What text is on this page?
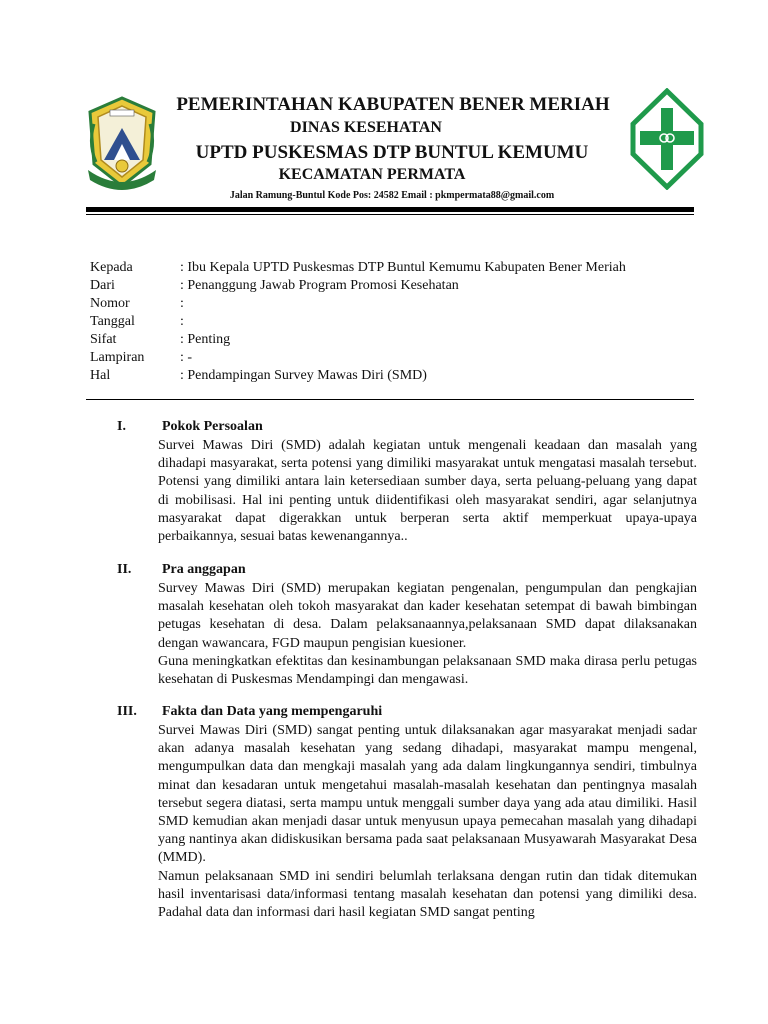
PEMERINTAHAN KABUPATEN BENER MERIAH
DINAS KESEHATAN
UPTD PUSKESMAS DTP BUNTUL KEMUMU
KECAMATAN PERMATA
Jalan Ramung-Buntul Kode Pos: 24582 Email : pkmpermata88@gmail.com
Kepada	: Ibu Kepala UPTD Puskesmas DTP Buntul Kemumu Kabupaten Bener Meriah
Dari	: Penanggung Jawab Program Promosi Kesehatan
Nomor	:
Tanggal	:
Sifat	: Penting
Lampiran	: -
Hal	: Pendampingan Survey Mawas Diri (SMD)
I.	Pokok Persoalan

Survei Mawas Diri (SMD) adalah kegiatan untuk mengenali keadaan dan masalah yang dihadapi masyarakat, serta potensi yang dimiliki masyarakat untuk mengatasi masalah tersebut. Potensi yang dimiliki antara lain ketersediaan sumber daya, serta peluang-peluang yang dapat di mobilisasi. Hal ini penting untuk diidentifikasi oleh masyarakat sendiri, agar selanjutnya masyarakat dapat digerakkan untuk berperan serta aktif memperkuat upaya-upaya perbaikannya, sesuai batas kewenangannya..

II.	Pra anggapan

Survey Mawas Diri (SMD) merupakan kegiatan pengenalan, pengumpulan dan pengkajian masalah kesehatan oleh tokoh masyarakat dan kader kesehatan setempat di bawah bimbingan petugas kesehatan di desa. Dalam pelaksanaannya,pelaksanaan SMD dapat dilaksanakan dengan wawancara, FGD maupun pengisian kuesioner.

Guna meningkatkan efektitas dan kesinambungan pelaksanaan SMD maka dirasa perlu petugas kesehatan di Puskesmas Mendampingi dan mengawasi.

III.	Fakta dan Data yang mempengaruhi

Survei Mawas Diri (SMD) sangat penting untuk dilaksanakan agar masyarakat menjadi sadar akan adanya masalah kesehatan yang sedang dihadapi, masyarakat mampu mengenal, mengumpulkan data dan mengkaji masalah yang ada dalam lingkungannya sendiri, timbulnya minat dan kesadaran untuk mengetahui masalah-masalah kesehatan dan pentingnya masalah tersebut segera diatasi, serta mampu untuk menggali sumber daya yang ada atau dimiliki. Hasil SMD kemudian akan menjadi dasar untuk menyusun upaya pemecahan masalah yang dihadapi yang nantinya akan didiskusikan bersama pada saat pelaksanaan Musyawarah Masyarakat Desa (MMD).

Namun pelaksanaan SMD ini sendiri belumlah terlaksana dengan rutin dan tidak ditemukan hasil inventarisasi data/informasi tentang masalah kesehatan dan potensi yang dimiliki desa. Padahal data dan informasi dari hasil kegiatan SMD sangat penting
